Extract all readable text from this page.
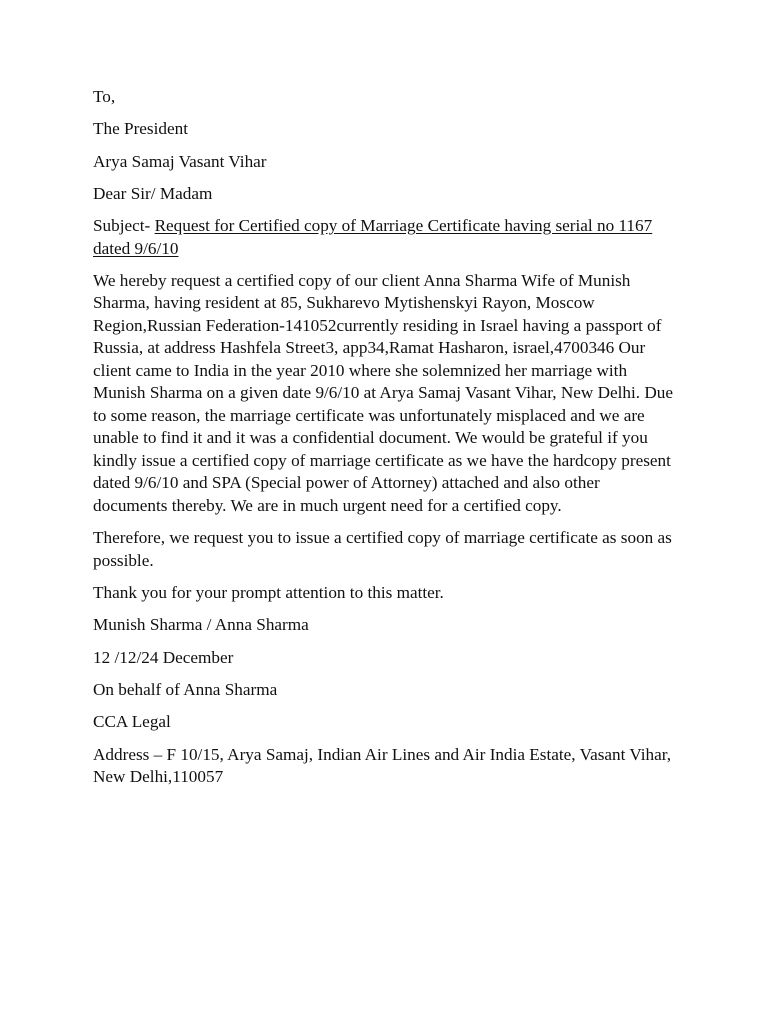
To,

The President

Arya Samaj Vasant Vihar

Dear Sir/ Madam

Subject- Request for Certified copy of Marriage Certificate having serial no 1167 dated 9/6/10

We hereby request a certified copy of our client Anna Sharma Wife of Munish Sharma, having resident at 85, Sukharevo Mytishenskyi Rayon, Moscow Region,Russian Federation-141052currently residing in Israel having a passport of Russia, at address Hashfela Street3, app34,Ramat Hasharon, israel,4700346 Our client came to India in the year 2010 where she solemnized her marriage with Munish Sharma on a given date 9/6/10 at Arya Samaj Vasant Vihar, New Delhi. Due to some reason, the marriage certificate was unfortunately misplaced and we are unable to find it and it was a confidential document. We would be grateful if you kindly issue a certified copy of marriage certificate as we have the hardcopy present dated 9/6/10 and SPA (Special power of Attorney) attached and also other documents thereby. We are in much urgent need for a certified copy.

Therefore, we request you to issue a certified copy of marriage certificate as soon as possible.

Thank you for your prompt attention to this matter.

Munish Sharma / Anna Sharma

12 /12/24 December

On behalf of Anna Sharma

CCA Legal

Address – F 10/15, Arya Samaj, Indian Air Lines and Air India Estate, Vasant Vihar, New Delhi,110057
